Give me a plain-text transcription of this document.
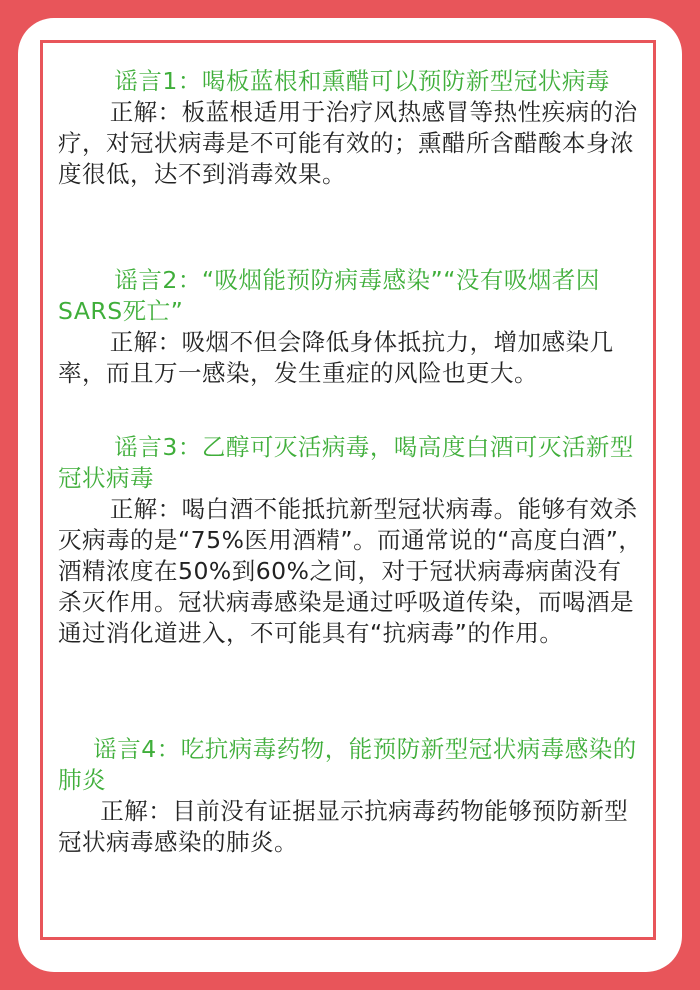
谣言1：喝板蓝根和熏醋可以预防新型冠状病毒

正解：板蓝根适用于治疗风热感冒等热性疾病的治疗，对冠状病毒是不可能有效的；熏醋所含醋酸本身浓度很低，达不到消毒效果。

谣言2：“吸烟能预防病毒感染”“没有吸烟者因SARS死亡”

正解：吸烟不但会降低身体抵抗力，增加感染几率，而且万一感染，发生重症的风险也更大。

谣言3：乙醇可灭活病毒，喝高度白酒可灭活新型冠状病毒

正解：喝白酒不能抵抗新型冠状病毒。能够有效杀灭病毒的是“75%医用酒精”。而通常说的“高度白酒”，酒精浓度在50%到60%之间，对于冠状病毒病菌没有杀灭作用。冠状病毒感染是通过呼吸道传染，而喝酒是通过消化道进入，不可能具有“抗病毒”的作用。

谣言4：吃抗病毒药物，能预防新型冠状病毒感染的肺炎

正解：目前没有证据显示抗病毒药物能够预防新型冠状病毒感染的肺炎。
